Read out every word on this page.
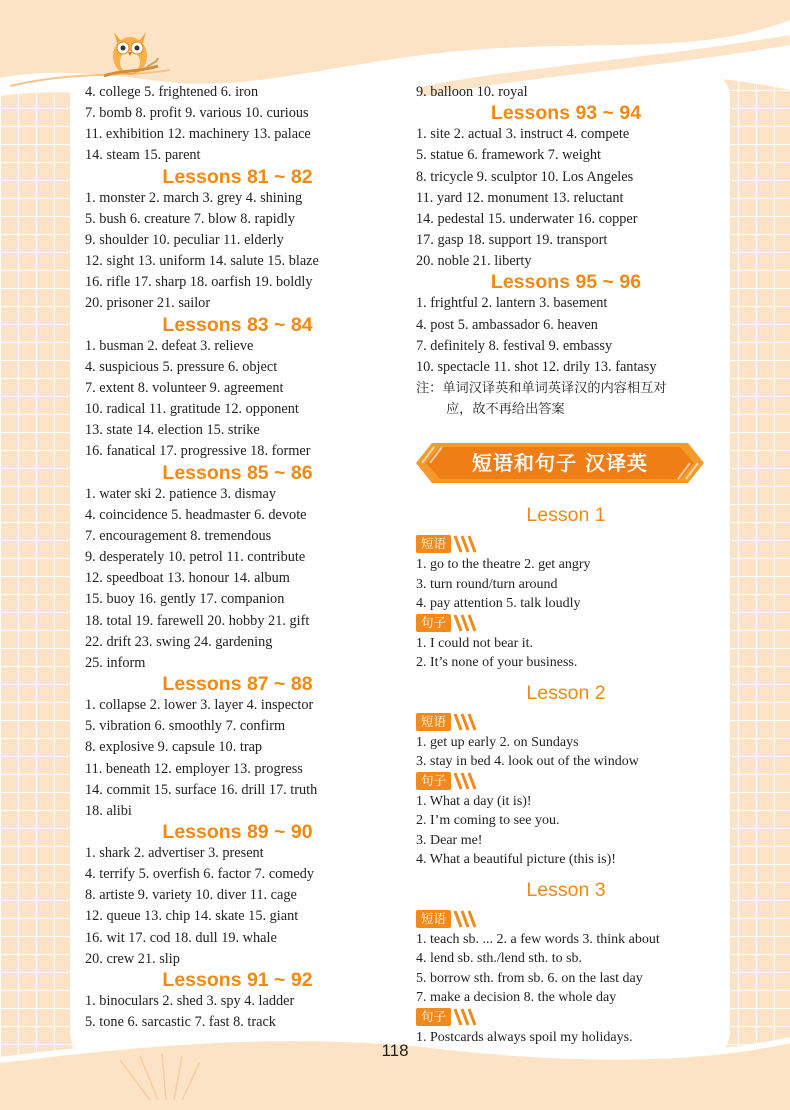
4. college 5. frightened 6. iron
7. bomb 8. profit 9. various 10. curious
11. exhibition 12. machinery 13. palace
14. steam 15. parent
Lessons 81 ~ 82
1. monster 2. march 3. grey 4. shining
5. bush 6. creature 7. blow 8. rapidly
9. shoulder 10. peculiar 11. elderly
12. sight 13. uniform 14. salute 15. blaze
16. rifle 17. sharp 18. oarfish 19. boldly
20. prisoner 21. sailor
Lessons 83 ~ 84
1. busman 2. defeat 3. relieve
4. suspicious 5. pressure 6. object
7. extent 8. volunteer 9. agreement
10. radical 11. gratitude 12. opponent
13. state 14. election 15. strike
16. fanatical 17. progressive 18. former
Lessons 85 ~ 86
1. water ski 2. patience 3. dismay
4. coincidence 5. headmaster 6. devote
7. encouragement 8. tremendous
9. desperately 10. petrol 11. contribute
12. speedboat 13. honour 14. album
15. buoy 16. gently 17. companion
18. total 19. farewell 20. hobby 21. gift
22. drift 23. swing 24. gardening
25. inform
Lessons 87 ~ 88
1. collapse 2. lower 3. layer 4. inspector
5. vibration 6. smoothly 7. confirm
8. explosive 9. capsule 10. trap
11. beneath 12. employer 13. progress
14. commit 15. surface 16. drill 17. truth
18. alibi
Lessons 89 ~ 90
1. shark 2. advertiser 3. present
4. terrify 5. overfish 6. factor 7. comedy
8. artiste 9. variety 10. diver 11. cage
12. queue 13. chip 14. skate 15. giant
16. wit 17. cod 18. dull 19. whale
20. crew 21. slip
Lessons 91 ~ 92
1. binoculars 2. shed 3. spy 4. ladder
5. tone 6. sarcastic 7. fast 8. track
9. balloon 10. royal
Lessons 93 ~ 94
1. site 2. actual 3. instruct 4. compete
5. statue 6. framework 7. weight
8. tricycle 9. sculptor 10. Los Angeles
11. yard 12. monument 13. reluctant
14. pedestal 15. underwater 16. copper
17. gasp 18. support 19. transport
20. noble 21. liberty
Lessons 95 ~ 96
1. frightful 2. lantern 3. basement
4. post 5. ambassador 6. heaven
7. definitely 8. festival 9. embassy
10. spectacle 11. shot 12. drily 13. fantasy
注：单词汉译英和单词英译汉的内容相互对
应，故不再给出答案
短语和句子 汉译英
Lesson 1
短语
1. go to the theatre 2. get angry
3. turn round/turn around
4. pay attention 5. talk loudly
句子
1. I could not bear it.
2. It’s none of your business.
Lesson 2
短语
1. get up early 2. on Sundays
3. stay in bed 4. look out of the window
句子
1. What a day (it is)!
2. I’m coming to see you.
3. Dear me!
4. What a beautiful picture (this is)!
Lesson 3
短语
1. teach sb. ... 2. a few words 3. think about
4. lend sb. sth./lend sth. to sb.
5. borrow sth. from sb. 6. on the last day
7. make a decision 8. the whole day
句子
1. Postcards always spoil my holidays.
118
